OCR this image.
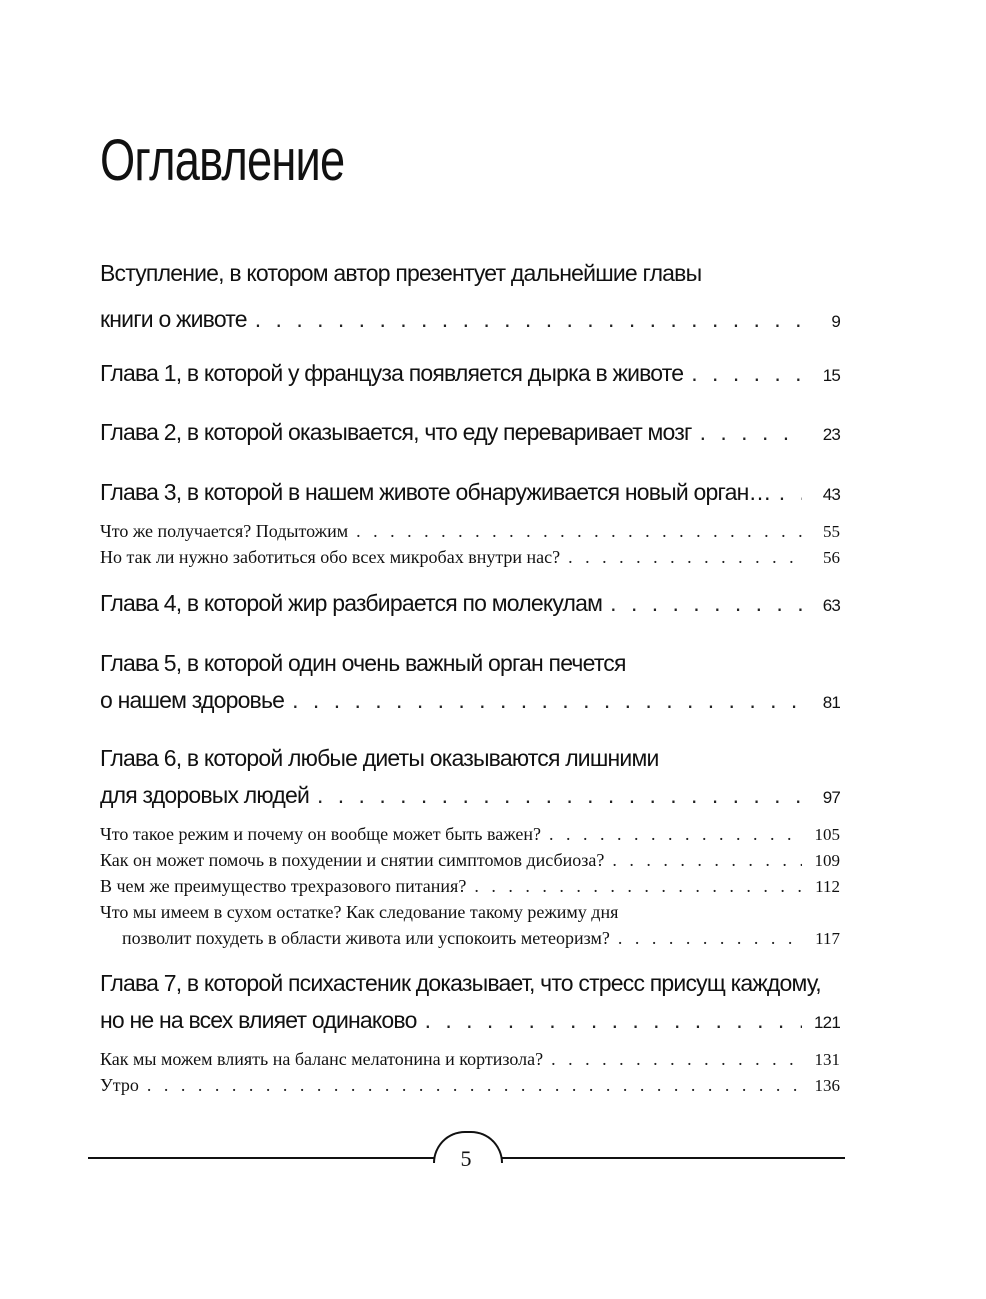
Оглавление
Вступление, в котором автор презентует дальнейшие главы
книги о животе . . .	9
Глава 1, в которой у француза появляется дырка в животе . . .	15
Глава 2, в которой оказывается, что еду переваривает мозг . . .	23
Глава 3, в которой в нашем животе обнаруживается новый орган… . . .	43
Что же получается? Подытожим . . .	55
Но так ли нужно заботиться обо всех микробах внутри нас? . . .	56
Глава 4, в которой жир разбирается по молекулам . . .	63
Глава 5, в которой один очень важный орган печется
о нашем здоровье . . .	81
Глава 6, в которой любые диеты оказываются лишними
для здоровых людей . . .	97
Что такое режим и почему он вообще может быть важен? . . .	105
Как он может помочь в похудении и снятии симптомов дисбиоза? . . .	109
В чем же преимущество трехразового питания? . . .	112
Что мы имеем в сухом остатке? Как следование такому режиму дня
позволит похудеть в области живота или успокоить метеоризм? . . .	117
Глава 7, в которой психастеник доказывает, что стресс присущ каждому,
но не на всех влияет одинаково . . .	121
Как мы можем влиять на баланс мелатонина и кортизола? . . .	131
Утро . . .	136
5
